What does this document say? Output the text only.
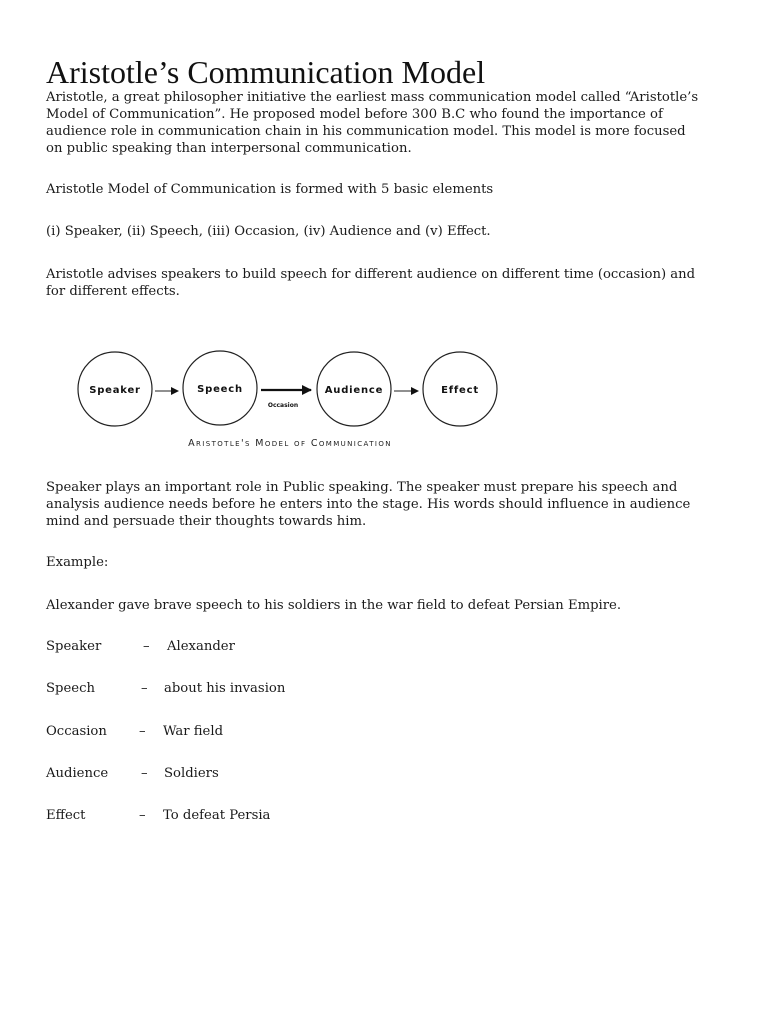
Aristotle’s Communication Model

Aristotle, a great philosopher initiative the earliest mass communication model called “Aristotle’s
Model of Communication”. He proposed model before 300 B.C who found the importance of
audience role in communication chain in his communication model. This model is more focused
on public speaking than interpersonal communication.

Aristotle Model of Communication is formed with 5 basic elements

(i) Speaker, (ii) Speech, (iii) Occasion, (iv) Audience and (v) Effect.

Aristotle advises speakers to build speech for different audience on different time (occasion) and
for different effects.

Speaker	Speech
Occasion
Audience	Effect
Aristotle's Model of Communication

Speaker plays an important role in Public speaking. The speaker must prepare his speech and
analysis audience needs before he enters into the stage. His words should influence in audience
mind and persuade their thoughts towards him.

Example:

Alexander gave brave speech to his soldiers in the war field to defeat Persian Empire.

Speaker	– Alexander
Speech	– about his invasion
Occasion – War field
Audience – Soldiers
Effect	– To defeat Persia
